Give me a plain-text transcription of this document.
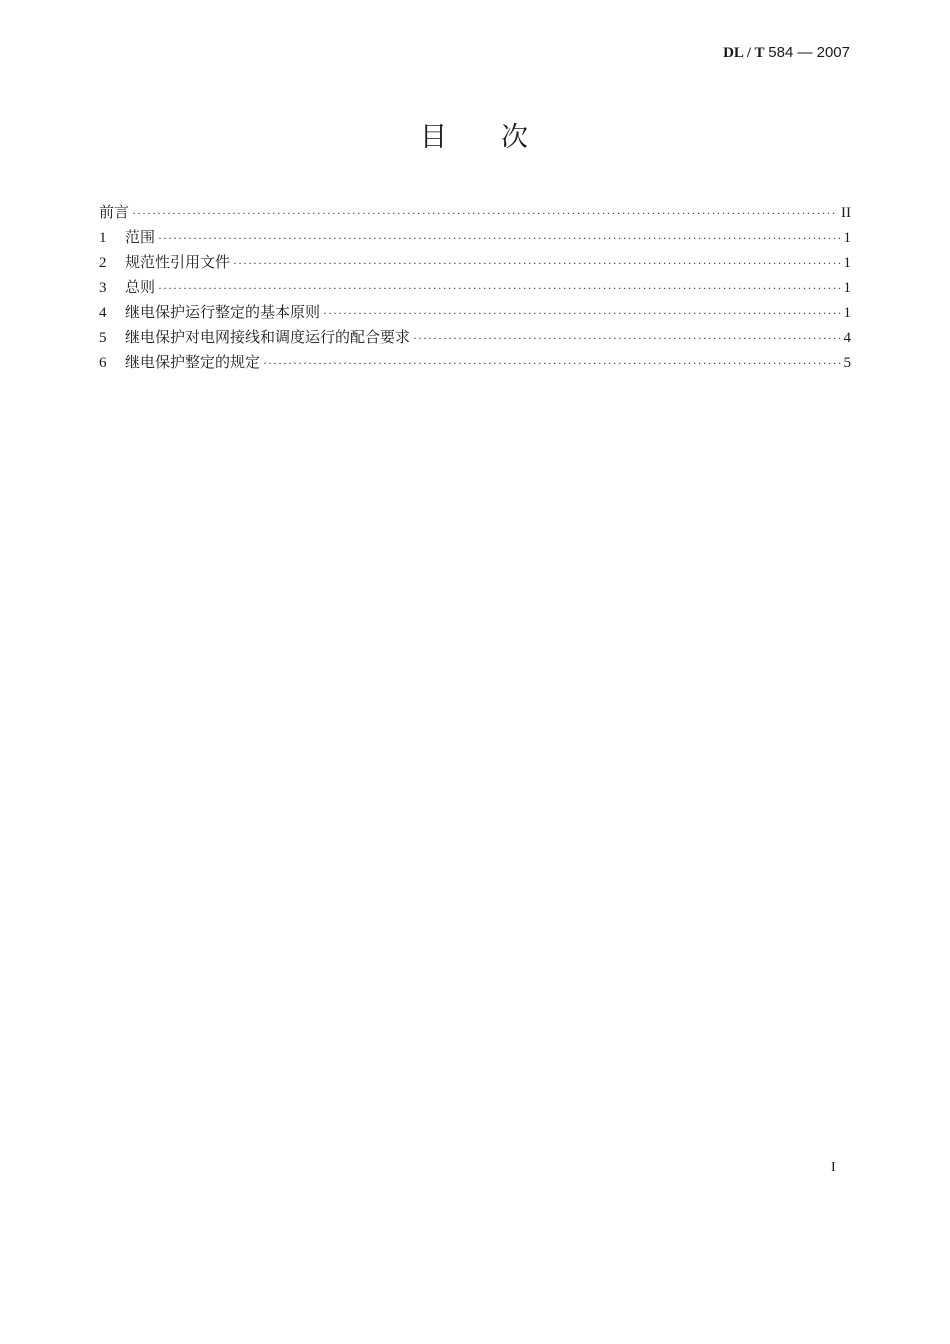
DL / T 584 — 2007
目 次
前言 ·····	II
1	范围 ·····	1
2	规范性引用文件 ·····	1
3	总则 ·····	1
4	继电保护运行整定的基本原则 ·····	1
5	继电保护对电网接线和调度运行的配合要求 ·····	4
6	继电保护整定的规定 ·····	5
I
